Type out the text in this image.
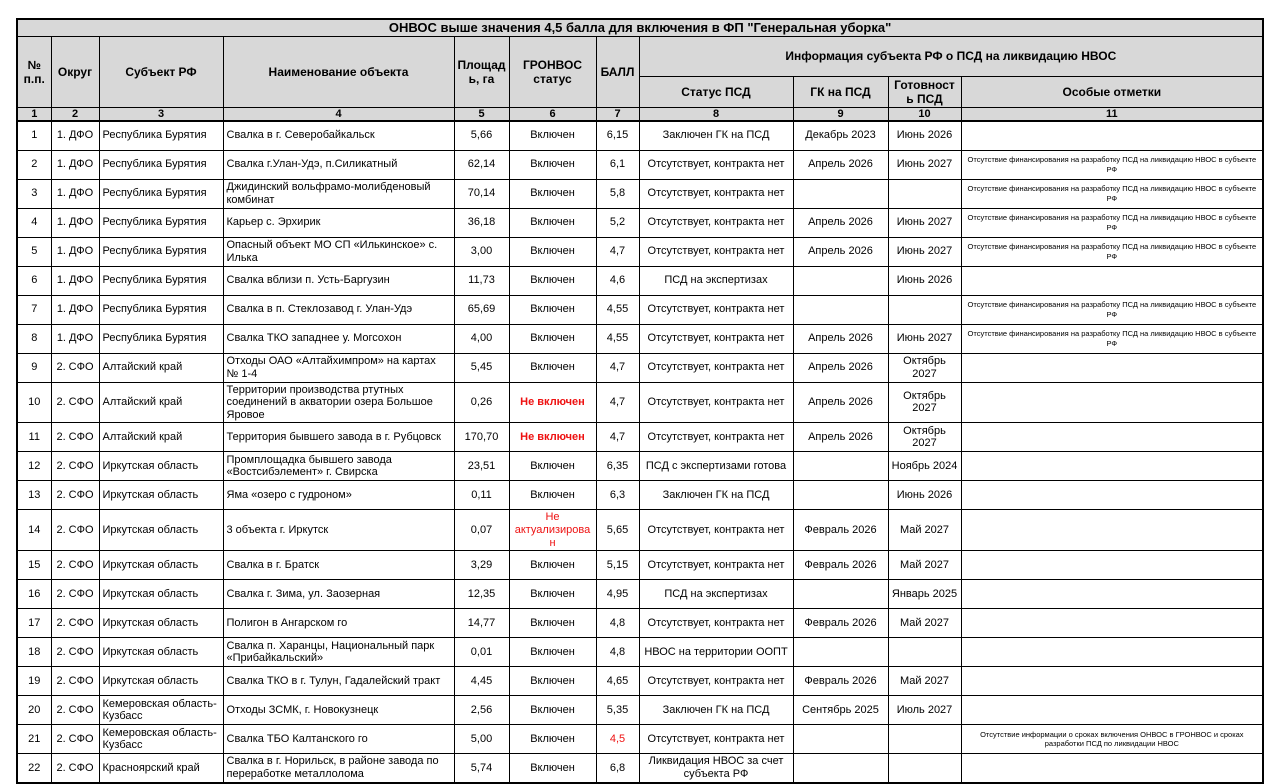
ОНВОС выше значения 4,5 балла для включения в ФП "Генеральная уборка"										
№ п.п.	Округ	Субъект РФ	Наименование объекта	Площадь, га	ГРОНВОС статус	БАЛЛ	Информация субъекта РФ о ПСД на ликвидацию НВОС			
							Статус ПСД	ГК на ПСД	Готовность ПСД	Особые отметки
1	2	3	4	5	6	7	8	9	10	11
1	1. ДФО	Республика Бурятия	Свалка в г. Северобайкальск	5,66	Включен	6,15	Заключен ГК на ПСД	Декабрь 2023	Июнь 2026	
2	1. ДФО	Республика Бурятия	Свалка г.Улан-Удэ, п.Силикатный	62,14	Включен	6,1	Отсутствует, контракта нет	Апрель 2026	Июнь 2027	Отсутствие финансирования на разработку ПСД на ликвидацию НВОС в субъекте РФ
3	1. ДФО	Республика Бурятия	Джидинский вольфрамо-молибденовый комбинат	70,14	Включен	5,8	Отсутствует, контракта нет			Отсутствие финансирования на разработку ПСД на ликвидацию НВОС в субъекте РФ
4	1. ДФО	Республика Бурятия	Карьер с. Эрхирик	36,18	Включен	5,2	Отсутствует, контракта нет	Апрель 2026	Июнь 2027	Отсутствие финансирования на разработку ПСД на ликвидацию НВОС в субъекте РФ
5	1. ДФО	Республика Бурятия	Опасный объект МО СП «Илькинское» с. Илька	3,00	Включен	4,7	Отсутствует, контракта нет	Апрель 2026	Июнь 2027	Отсутствие финансирования на разработку ПСД на ликвидацию НВОС в субъекте РФ
6	1. ДФО	Республика Бурятия	Свалка вблизи п. Усть-Баргузин	11,73	Включен	4,6	ПСД на экспертизах		Июнь 2026	
7	1. ДФО	Республика Бурятия	Свалка в п. Стеклозавод г. Улан-Удэ	65,69	Включен	4,55	Отсутствует, контракта нет			Отсутствие финансирования на разработку ПСД на ликвидацию НВОС в субъекте РФ
8	1. ДФО	Республика Бурятия	Свалка ТКО западнее у. Могсохон	4,00	Включен	4,55	Отсутствует, контракта нет	Апрель 2026	Июнь 2027	Отсутствие финансирования на разработку ПСД на ликвидацию НВОС в субъекте РФ
9	2. СФО	Алтайский край	Отходы ОАО «Алтайхимпром» на картах № 1-4	5,45	Включен	4,7	Отсутствует, контракта нет	Апрель 2026	Октябрь 2027	
10	2. СФО	Алтайский край	Территории производства ртутных соединений в акватории озера Большое Яровое	0,26	Не включен	4,7	Отсутствует, контракта нет	Апрель 2026	Октябрь 2027	
11	2. СФО	Алтайский край	Территория бывшего завода в г. Рубцовск	170,70	Не включен	4,7	Отсутствует, контракта нет	Апрель 2026	Октябрь 2027	
12	2. СФО	Иркутская область	Промплощадка бывшего завода «Востсибэлемент» г. Свирска	23,51	Включен	6,35	ПСД с экспертизами готова		Ноябрь 2024	
13	2. СФО	Иркутская область	Яма «озеро с гудроном»	0,11	Включен	6,3	Заключен ГК на ПСД		Июнь 2026	
14	2. СФО	Иркутская область	3 объекта г. Иркутск	0,07	Не актуализирован	5,65	Отсутствует, контракта нет	Февраль 2026	Май 2027	
15	2. СФО	Иркутская область	Свалка в г. Братск	3,29	Включен	5,15	Отсутствует, контракта нет	Февраль 2026	Май 2027	
16	2. СФО	Иркутская область	Свалка г. Зима, ул. Заозерная	12,35	Включен	4,95	ПСД на экспертизах		Январь 2025	
17	2. СФО	Иркутская область	Полигон в Ангарском го	14,77	Включен	4,8	Отсутствует, контракта нет	Февраль 2026	Май 2027	
18	2. СФО	Иркутская область	Свалка п. Харанцы, Национальный парк «Прибайкальский»	0,01	Включен	4,8	НВОС на территории ООПТ			
19	2. СФО	Иркутская область	Свалка ТКО в г. Тулун, Гадалейский тракт	4,45	Включен	4,65	Отсутствует, контракта нет	Февраль 2026	Май 2027	
20	2. СФО	Кемеровская область-Кузбасс	Отходы ЗСМК, г. Новокузнецк	2,56	Включен	5,35	Заключен ГК на ПСД	Сентябрь 2025	Июль 2027	
21	2. СФО	Кемеровская область-Кузбасс	Свалка ТБО Калтанского го	5,00	Включен	4,5	Отсутствует, контракта нет			Отсутствие информации о сроках включения ОНВОС в ГРОНВОС и сроках разработки ПСД по ликвидации НВОС
22	2. СФО	Красноярский край	Свалка в г. Норильск, в районе завода по переработке металлолома	5,74	Включен	6,8	Ликвидация НВОС за счет субъекта РФ			
